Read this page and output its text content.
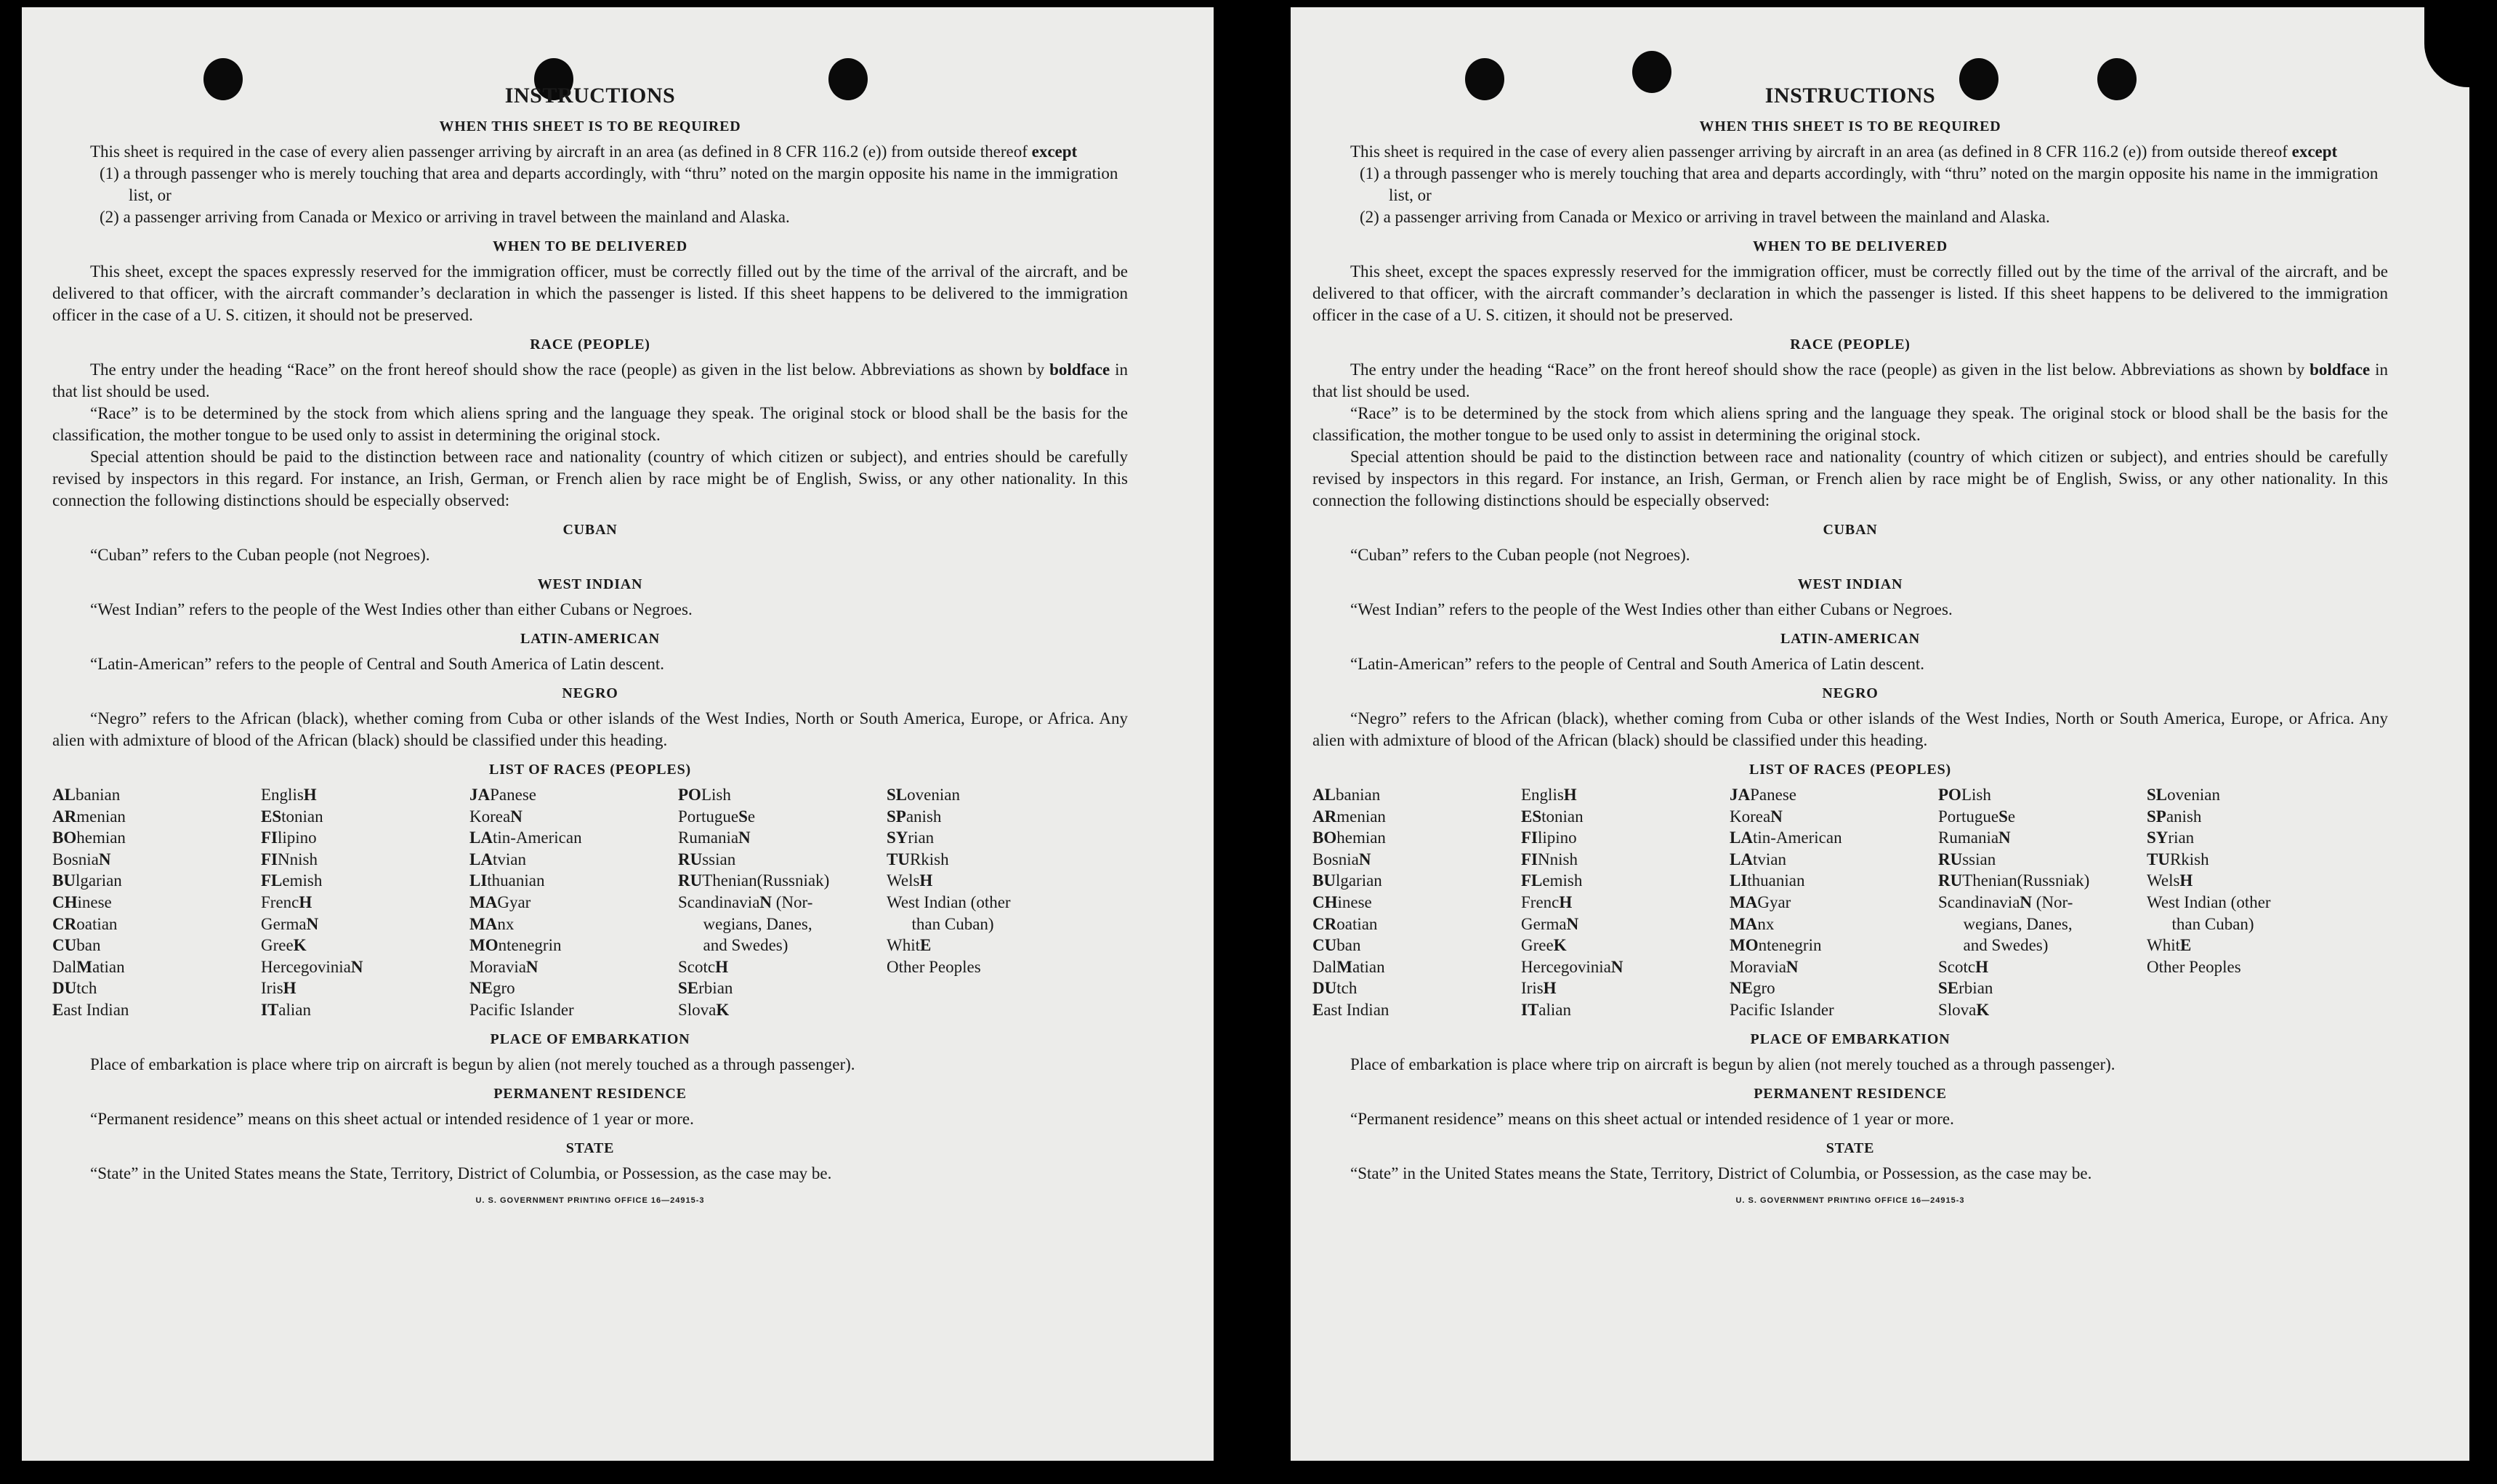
INSTRUCTIONS
WHEN THIS SHEET IS TO BE REQUIRED

This sheet is required in the case of every alien passenger arriving by aircraft in an area (as defined in 8 CFR 116.2 (e)) from outside thereof except

(1) a through passenger who is merely touching that area and departs accordingly, with “thru” noted on the margin opposite his name in the immigration list, or
(2) a passenger arriving from Canada or Mexico or arriving in travel between the mainland and Alaska.
WHEN TO BE DELIVERED

This sheet, except the spaces expressly reserved for the immigration officer, must be correctly filled out by the time of the arrival of the aircraft, and be delivered to that officer, with the aircraft commander’s declaration in which the passenger is listed. If this sheet happens to be delivered to the immigration officer in the case of a U. S. citizen, it should not be preserved.

RACE (PEOPLE)

The entry under the heading “Race” on the front hereof should show the race (people) as given in the list below. Abbreviations as shown by boldface in that list should be used.

“Race” is to be determined by the stock from which aliens spring and the language they speak. The original stock or blood shall be the basis for the classification, the mother tongue to be used only to assist in determining the original stock.

Special attention should be paid to the distinction between race and nationality (country of which citizen or subject), and entries should be carefully revised by inspectors in this regard. For instance, an Irish, German, or French alien by race might be of English, Swiss, or any other nationality. In this connection the following distinctions should be especially observed:

CUBAN

“Cuban” refers to the Cuban people (not Negroes).

WEST INDIAN

“West Indian” refers to the people of the West Indies other than either Cubans or Negroes.

LATIN-AMERICAN

“Latin-American” refers to the people of Central and South America of Latin descent.

NEGRO

“Negro” refers to the African (black), whether coming from Cuba or other islands of the West Indies, North or South America, Europe, or Africa. Any alien with admixture of blood of the African (black) should be classified under this heading.

LIST OF RACES (PEOPLES)
ALbanian
ARmenian
BOhemian
BosniaN
BUlgarian
CHinese
CRoatian
CUban
DalMatian
DUtch
East Indian
EnglisH
EStonian
FIlipino
FINnish
FLemish
FrencH
GermaN
GreeK
HercegoviniaN
IrisH
ITalian
JAPanese
KoreaN
LAtin-American
LAtvian
LIthuanian
MAGyar
MAnx
MOntenegrin
MoraviaN
NEgro
Pacific Islander
POLish
PortugueSe
RumaniaN
RUssian
RUThenian(Russniak)
ScandinaviaN (Nor-
  wegians, Danes,
  and Swedes)
ScotcH
SErbian
SlovaK
SLovenian
SPanish
SYrian
TURkish
WelsH
West Indian (other
  than Cuban)
WhitE
Other Peoples
PLACE OF EMBARKATION

Place of embarkation is place where trip on aircraft is begun by alien (not merely touched as a through passenger).

PERMANENT RESIDENCE

“Permanent residence” means on this sheet actual or intended residence of 1 year or more.

STATE

“State” in the United States means the State, Territory, District of Columbia, or Possession, as the case may be.

U. S. GOVERNMENT PRINTING OFFICE 16—24915-3
INSTRUCTIONS
WHEN THIS SHEET IS TO BE REQUIRED

This sheet is required in the case of every alien passenger arriving by aircraft in an area (as defined in 8 CFR 116.2 (e)) from outside thereof except

(1) a through passenger who is merely touching that area and departs accordingly, with “thru” noted on the margin opposite his name in the immigration list, or
(2) a passenger arriving from Canada or Mexico or arriving in travel between the mainland and Alaska.
WHEN TO BE DELIVERED

This sheet, except the spaces expressly reserved for the immigration officer, must be correctly filled out by the time of the arrival of the aircraft, and be delivered to that officer, with the aircraft commander’s declaration in which the passenger is listed. If this sheet happens to be delivered to the immigration officer in the case of a U. S. citizen, it should not be preserved.

RACE (PEOPLE)

The entry under the heading “Race” on the front hereof should show the race (people) as given in the list below. Abbreviations as shown by boldface in that list should be used.

“Race” is to be determined by the stock from which aliens spring and the language they speak. The original stock or blood shall be the basis for the classification, the mother tongue to be used only to assist in determining the original stock.

Special attention should be paid to the distinction between race and nationality (country of which citizen or subject), and entries should be carefully revised by inspectors in this regard. For instance, an Irish, German, or French alien by race might be of English, Swiss, or any other nationality. In this connection the following distinctions should be especially observed:

CUBAN

“Cuban” refers to the Cuban people (not Negroes).

WEST INDIAN

“West Indian” refers to the people of the West Indies other than either Cubans or Negroes.

LATIN-AMERICAN

“Latin-American” refers to the people of Central and South America of Latin descent.

NEGRO

“Negro” refers to the African (black), whether coming from Cuba or other islands of the West Indies, North or South America, Europe, or Africa. Any alien with admixture of blood of the African (black) should be classified under this heading.

LIST OF RACES (PEOPLES)
ALbanian
ARmenian
BOhemian
BosniaN
BUlgarian
CHinese
CRoatian
CUban
DalMatian
DUtch
East Indian
EnglisH
EStonian
FIlipino
FINnish
FLemish
FrencH
GermaN
GreeK
HercegoviniaN
IrisH
ITalian
JAPanese
KoreaN
LAtin-American
LAtvian
LIthuanian
MAGyar
MAnx
MOntenegrin
MoraviaN
NEgro
Pacific Islander
POLish
PortugueSe
RumaniaN
RUssian
RUThenian(Russniak)
ScandinaviaN (Nor-
  wegians, Danes,
  and Swedes)
ScotcH
SErbian
SlovaK
SLovenian
SPanish
SYrian
TURkish
WelsH
West Indian (other
  than Cuban)
WhitE
Other Peoples
PLACE OF EMBARKATION

Place of embarkation is place where trip on aircraft is begun by alien (not merely touched as a through passenger).

PERMANENT RESIDENCE

“Permanent residence” means on this sheet actual or intended residence of 1 year or more.

STATE

“State” in the United States means the State, Territory, District of Columbia, or Possession, as the case may be.

U. S. GOVERNMENT PRINTING OFFICE 16—24915-3
